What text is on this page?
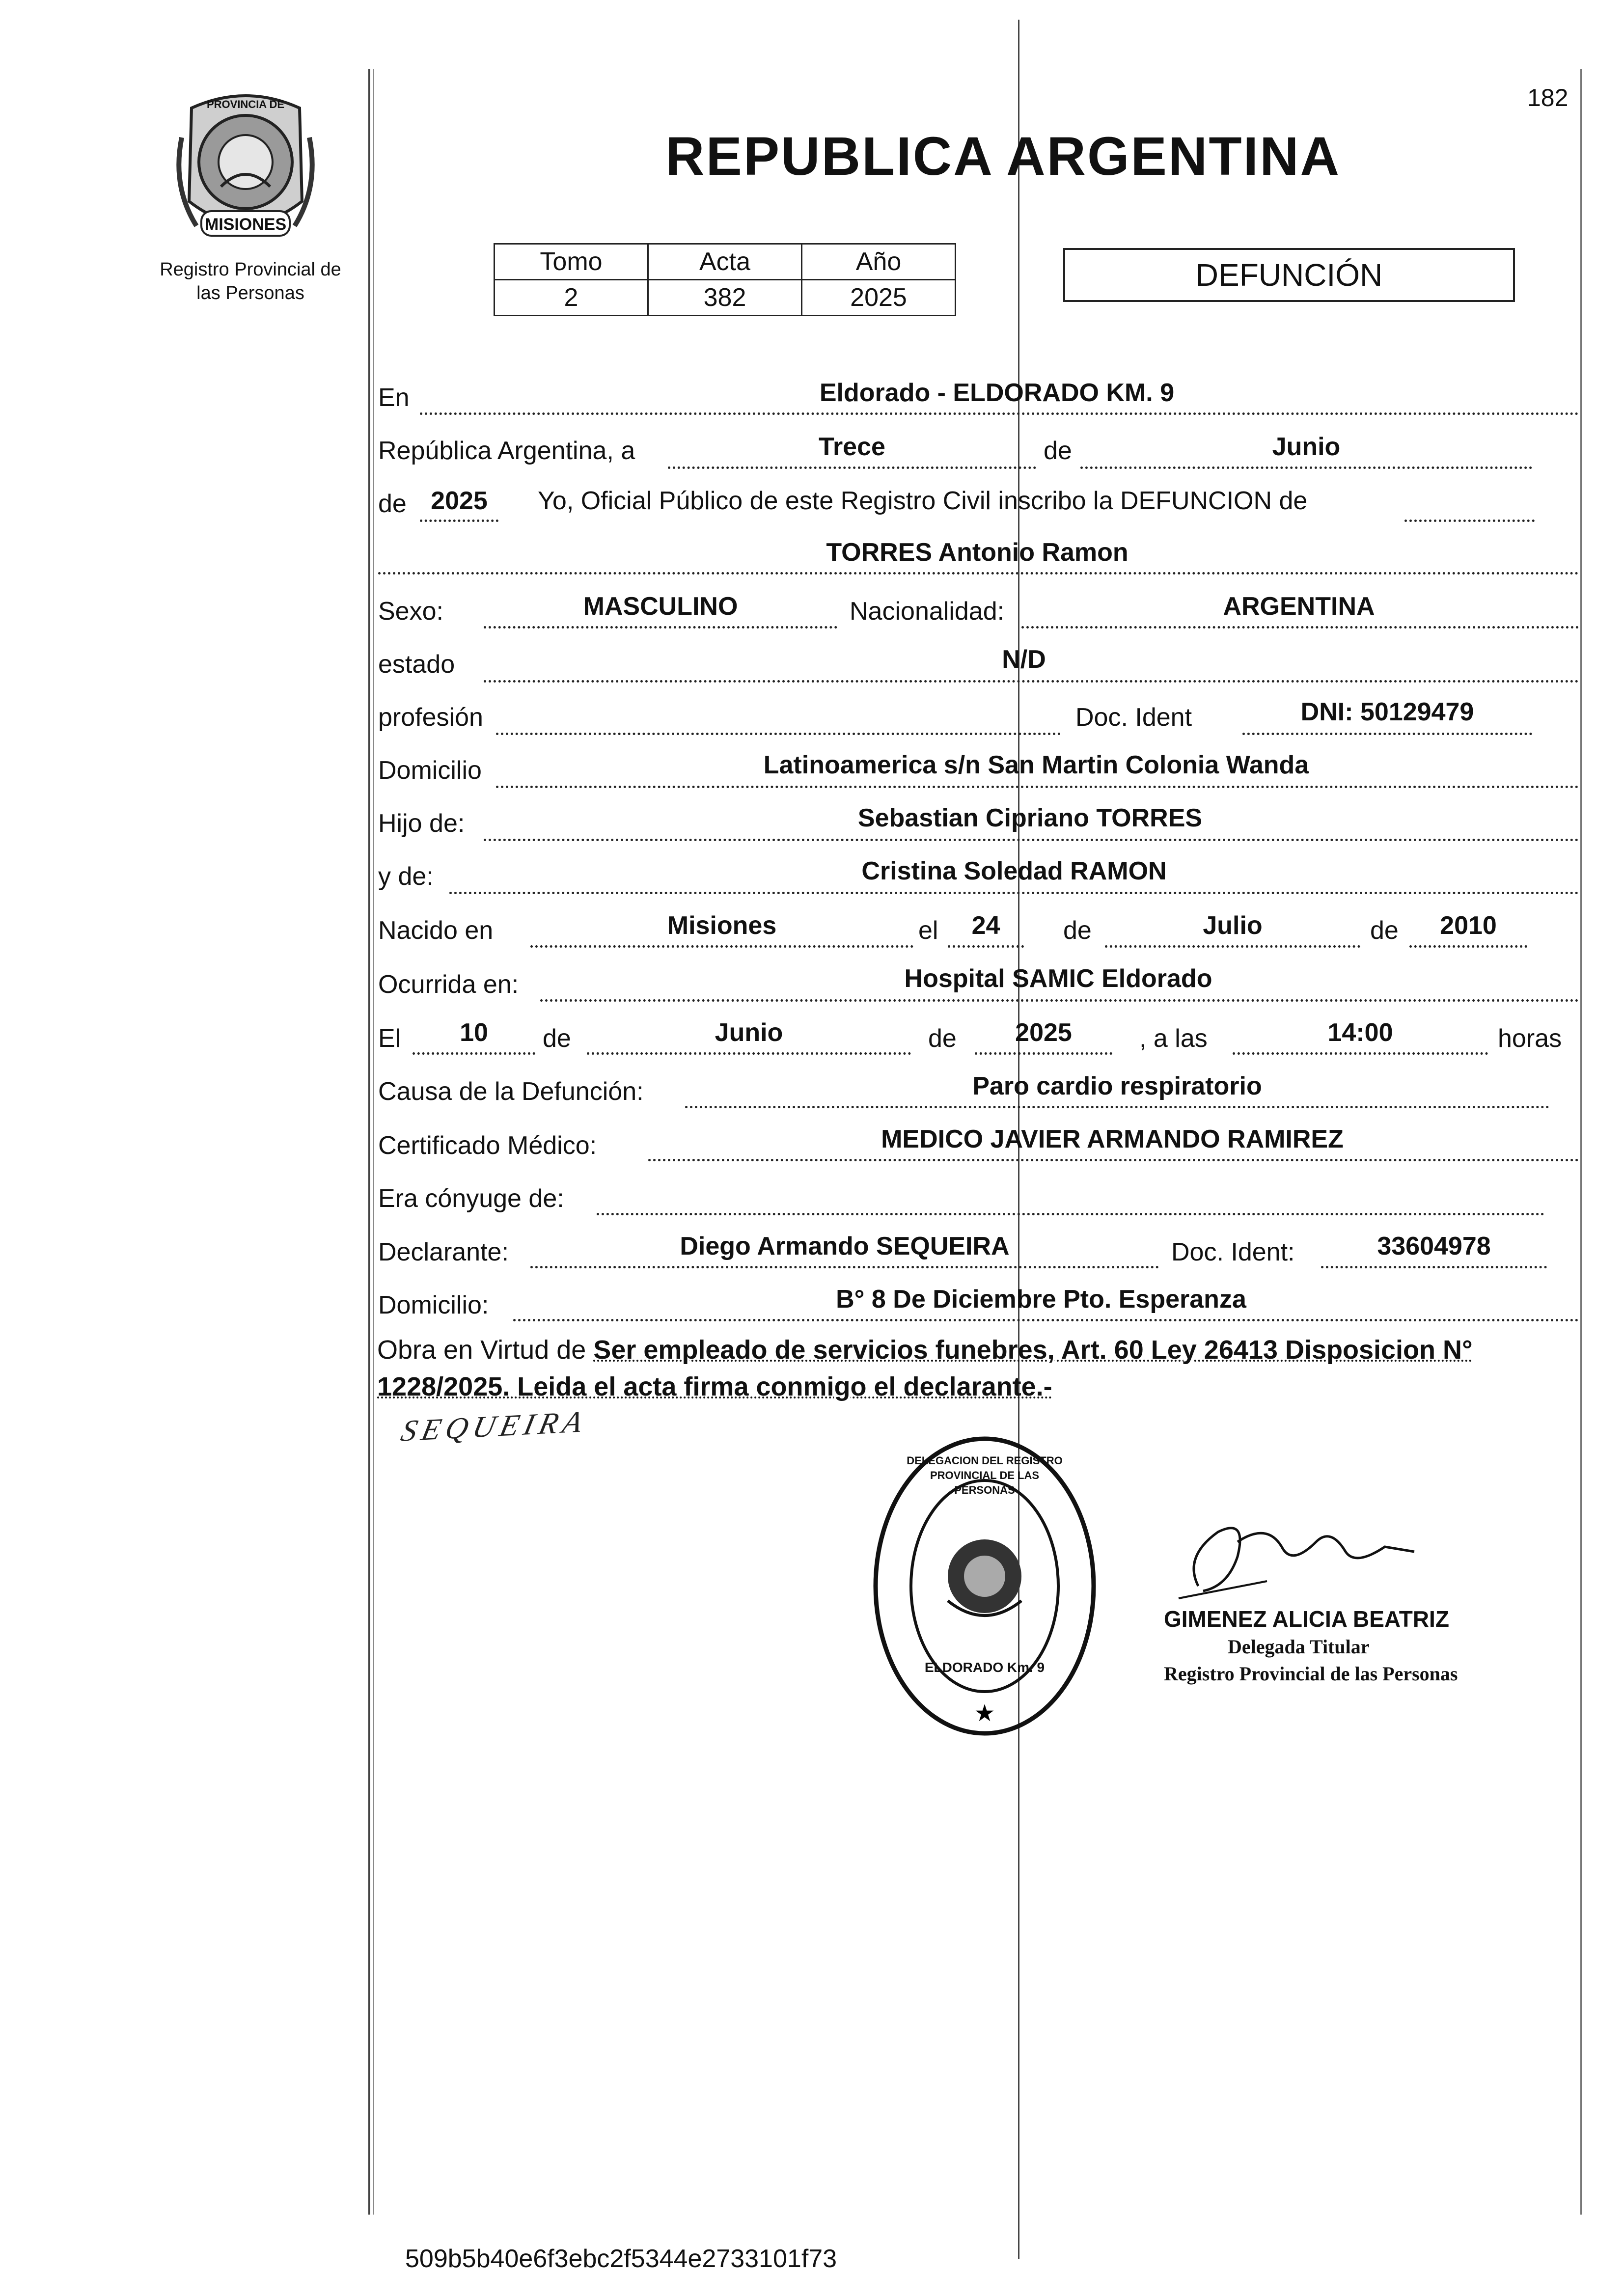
PROVINCIA DE
MISIONES
Registro Provincial de
las Personas
182
REPUBLICA ARGENTINA
Tomo	Acta	Año
2	382	2025
DEFUNCIÓN
En	Eldorado - ELDORADO KM. 9
República Argentina, a	Trece	de	Junio
de 2025	Yo, Oficial Público de este Registro Civil inscribo la DEFUNCION de
TORRES Antonio Ramon
Sexo:	MASCULINO	Nacionalidad:	ARGENTINA
estado	N/D
profesión	Doc. Ident	DNI: 50129479
Domicilio	Latinoamerica s/n San Martin Colonia Wanda
Hijo de:	Sebastian Cipriano TORRES
y de:	Cristina Soledad RAMON
Nacido en	Misiones	el	24	de	Julio	de	2010
Ocurrida en:	Hospital SAMIC Eldorado
El	10	de	Junio	de	2025	, a las	14:00	horas
Causa de la Defunción:	Paro cardio respiratorio
Certificado Médico:	MEDICO JAVIER ARMANDO RAMIREZ
Era cónyuge de:
Declarante:	Diego Armando SEQUEIRA	Doc. Ident:	33604978
Domicilio:	B° 8 De Diciembre Pto. Esperanza
Obra en Virtud de Ser empleado de servicios funebres, Art. 60 Ley 26413 Disposicion N°
1228/2025. Leida el acta firma conmigo el declarante.-
SEQUEIRA
★
DELEGACION DEL REGISTRO PROVINCIAL DE LAS PERSONAS
ELDORADO Km. 9
GIMENEZ ALICIA BEATRIZ
Delegada Titular
Registro Provincial de las Personas
509b5b40e6f3ebc2f5344e2733101f73
